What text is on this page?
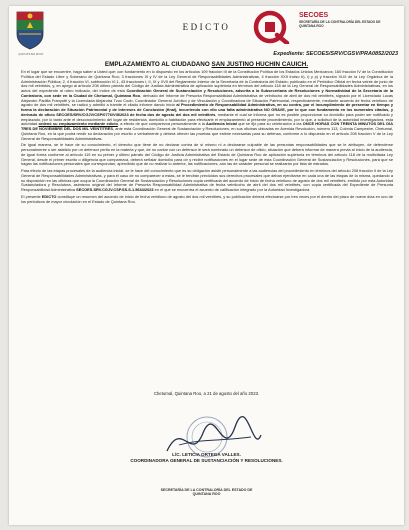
QUINTANA ROO
EDICTO
SECOES
SECRETARÍA DE LA CONTRALORÍA DEL ESTADO DE QUINTANA ROO
Expediente: SECOES/SRV/CGSV/PRA0852/2023
EMPLAZAMIENTO AL CIUDADANO SAN JUSTINO HUCHIN CAUICH.

En el lugar que se encuentre, hago saber a Usted que: con fundamento en lo dispuesto en los artículos 109 fracción III de la Constitución Política de los Estados Unidos Mexicanos; 160 fracción IV de la Constitución Política del Estado Libre y Soberano de Quintana Roo; 3 fracciones III y IV de la Ley General de Responsabilidades Administrativas, 4 fracción XXII inciso b), i) y p) y fracción XLIII de la Ley Orgánica de la Administración Pública; 2, 4 fracción VI, subfracción VI.1, 43 fracciones I, II, IX y XVII del Reglamento Interior de la Secretaría de la Contraloría del Estado; publicado en el Periódico Oficial en fecha veinte de junio de dos mil veintidós, y, en apego al artículo 208 último párrafo del Código de Justicia Administrativa de aplicación supletoria en términos del artículo 118 de la Ley General de Responsabilidades Administrativas, en los autos del expediente al rubro indicado, del índice de esta Coordinación General de Sustanciación y Resoluciones, adscrita a la Subsecretaría de Resoluciones y Normatividad de la Secretaría de la Contraloría, con sede en la Ciudad de Chetumal, Quintana Roo, derivado del Informe de Presunta Responsabilidad Administrativa de veintiocho de abril de dos mil veintitrés, signado por el Licenciado Lucas Alejandro Padilla Franyutti y la Licenciada Alejandra Tzuc Coob, Coordinador General Jurídico y de Vinculación y Coordinadora de Situación Patrimonial, respectivamente, mediante acuerdo de fecha veintiuno de agosto de dos mil veintitrés, se radicó y admitió a trámite el citado informe dando inicio al Procedimiento de Responsabilidad Administrativa, en su contra, por el incumplimiento de presentar en tiempo y forma la declaración de Situación Patrimonial y de Intereses de Conclusión (final), incurriendo con ello una falta administrativa NO GRAVE, por lo que con fundamento en los numerales citados, y derivado de oficio SECOES/SRV/CGJV/CSP/0776/VIII/2023 de fecha dos de agosto del dos mil veintitrés, mediante el cual se informa que no es posible proporcionar su domicilio para poder ser notificado y emplazado, por lo tanto ante el desconocimiento del lugar de residencia, domicilio o habitación para efectuarle el emplazamiento al presente procedimiento, por lo que, a solicitud de la autoridad investigadora, esta autoridad ordenó su emplazamiento mediante edicto, a efecto de que comparezca personalmente a la Audiencia Inicial que se fijó para su celebración a las ONCE HORAS CON TREINTA MINUTOS DEL DÍA TRES DE NOVIEMBRE DEL DOS MIL VEINTITRÉS, ante esta Coordinación General de Sustanciación y Resoluciones, en sus oficinas ubicadas en Avenida Revolución, número 113, Colonia Campestre, Chetumal, Quintana Roo, en la que podrá rendir su declaración por escrito o verbalmente y deberá ofrecer las pruebas que estime necesarias para su defensa, conforme a lo dispuesto en el artículo 208 fracción V de la Ley General de Responsabilidades Administrativas.

De igual manera, se le hace de su conocimiento, el derecho que tiene de no declarar contra de sí mismo ni a declararse culpable de las presuntas responsabilidades que se le atribuyen, de defenderse personalmente o ser asistido por un defensor perito en la materia y que, de no contar con un defensor le será nombrado un defensor de oficio, situación que deberá informar de manera previa al inicio de la audiencia, de igual forma conforme al artículo 119 en su primer y último párrafo del Código de Justicia Administrativa del Estado de Quintana Roo de aplicación supletoria en términos del artículo 118 de la multicitada Ley General, desde el primer escrito o diligencia que comparezca, deberá señalar domicilio para oír y recibir notificaciones en el lugar sede de esta Coordinación General de Sustanciación y Resoluciones, para que se hagan las notificaciones personales que correspondan, apercibido que de no realizar lo anterior, las notificaciones, aún las de carácter personal se realizarán por lista de estrados.

Para efecto de las etapas procesales de la audiencia inicial, se le hace del conocimiento que es su obligación asistir personalmente a las audiencias del procedimiento en términos del artículo 208 fracción II de la Ley General de Responsabilidades Administrativas, y para el caso de no comparecer a estas, se le tendrán precluidos sus derechos procesales que deban ejercitarse en cada una de las etapas de la misma, quedando a su disposición en las oficinas que ocupa la Coordinación General de Sustanciación y Resoluciones copia certificada del acuerdo de inicio de fecha veintiuno de agosto de dos mil veintitrés, emitido por esta Autoridad Sustanciadora y Resolutora, asimismo original del Informe de Presunta Responsabilidad Administrativa de fecha veintiocho de abril del dos mil veintitrés, con copia certificada del Expediente de Presunta Responsabilidad Administrativa SECOES.SRV.CGJV.CSP.SS.S.1.5634/2023 en el que se encuentra el acuerdo de calificación integrado por la Autoridad Investigadora.

El presente EDICTO constituye un resumen del acuerdo de inicio de fecha veintiuno de agosto del dos mil veintitrés, y su publicación deberá efectuarse por tres veces por el dentro del plazo de nueve días en uno de los periódicos de mayor circulación en el Estado de Quintana Roo.

Chetumal, Quintana Roo, a 21 de agosto del año 2023.
L/C. LETICIA ORTEGA VALLES.
COORDINADORA GENERAL DE SUSTANCIACIÓN Y RESOLUCIONES.
SECRETARÍA DE LA CONTRALORÍA DEL ESTADO DE QUINTANA ROO
